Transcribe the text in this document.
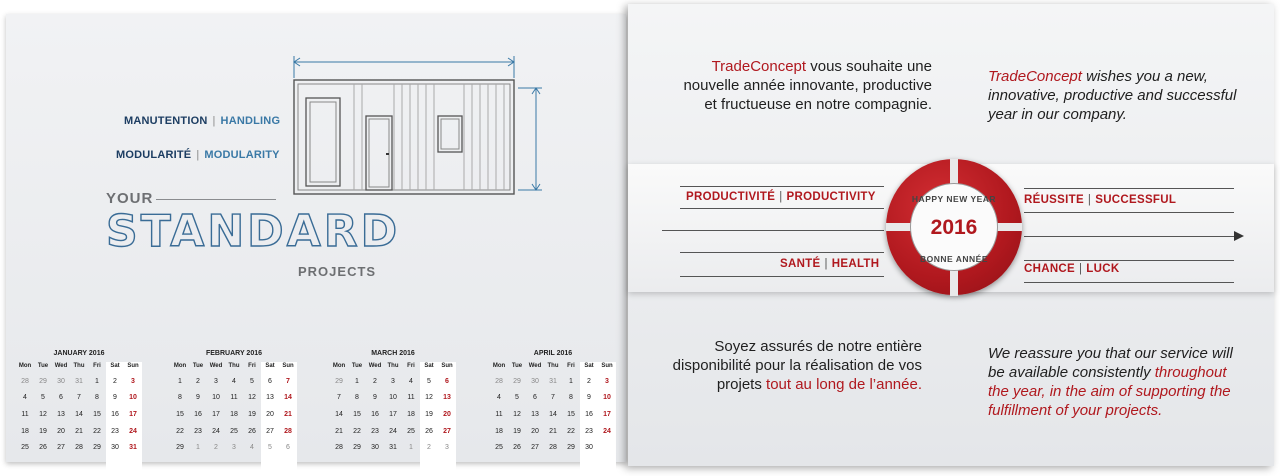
MANUTENTION | HANDLING
MODULARITÉ | MODULARITY
YOUR
STANDARD
PROJECTS
JANUARY 2016
Mon	Tue	Wed	Thu	Fri	Sat	Sun
28	29	30	31	1	2	3
4	5	6	7	8	9	10
11	12	13	14	15	16	17
18	19	20	21	22	23	24
25	26	27	28	29	30	31
FEBRUARY 2016
Mon	Tue	Wed	Thu	Fri	Sat	Sun
1	2	3	4	5	6	7
8	9	10	11	12	13	14
15	16	17	18	19	20	21
22	23	24	25	26	27	28
29	1	2	3	4	5	6
MARCH 2016
Mon	Tue	Wed	Thu	Fri	Sat	Sun
29	1	2	3	4	5	6
7	8	9	10	11	12	13
14	15	16	17	18	19	20
21	22	23	24	25	26	27
28	29	30	31	1	2	3
APRIL 2016
Mon	Tue	Wed	Thu	Fri	Sat	Sun
28	29	30	31	1	2	3
4	5	6	7	8	9	10
11	12	13	14	15	16	17
18	19	20	21	22	23	24
25	26	27	28	29	30
TradeConcept vous souhaite une
nouvelle année innovante, productive
et fructueuse en notre compagnie.
TradeConcept wishes you a new,
innovative, productive and successful
year in our company.
PRODUCTIVITÉ | PRODUCTIVITY
SANTÉ | HEALTH
RÉUSSITE | SUCCESSFUL
CHANCE | LUCK
HAPPY NEW YEAR
2016
BONNE ANNÉE
Soyez assurés de notre entière
disponibilité pour la réalisation de vos
projets tout au long de l’année.
We reassure you that our service will
be available consistently throughout
the year, in the aim of supporting the
fulfillment of your projects.
